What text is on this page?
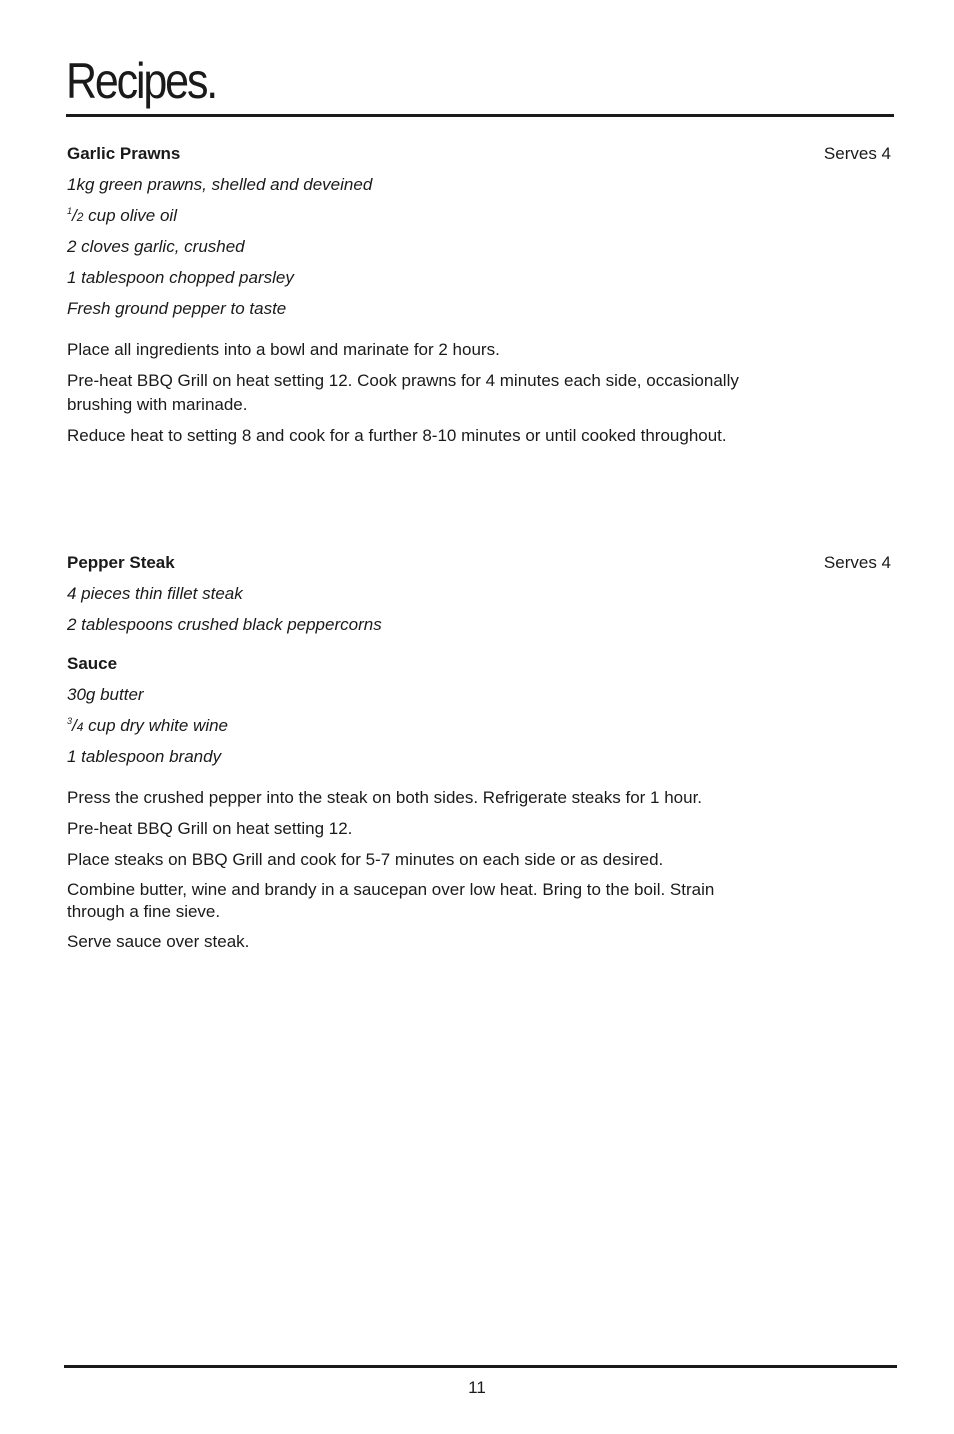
Recipes.
Garlic Prawns	Serves 4
1kg green prawns, shelled and deveined
$^1$/2 cup olive oil
2 cloves garlic, crushed
1 tablespoon chopped parsley
Fresh ground pepper to taste
Place all ingredients into a bowl and marinate for 2 hours.
Pre-heat BBQ Grill on heat setting 12. Cook prawns for 4 minutes each side, occasionally brushing with marinade.
Reduce heat to setting 8 and cook for a further 8-10 minutes or until cooked throughout.
Pepper Steak	Serves 4
4 pieces thin fillet steak
2 tablespoons crushed black peppercorns
Sauce
30g butter
$^3$/4 cup dry white wine
1 tablespoon brandy
Press the crushed pepper into the steak on both sides. Refrigerate steaks for 1 hour.
Pre-heat BBQ Grill on heat setting 12.
Place steaks on BBQ Grill and cook for 5-7 minutes on each side or as desired.
Combine butter, wine and brandy in a saucepan over low heat. Bring to the boil. Strain through a fine sieve.
Serve sauce over steak.
11
